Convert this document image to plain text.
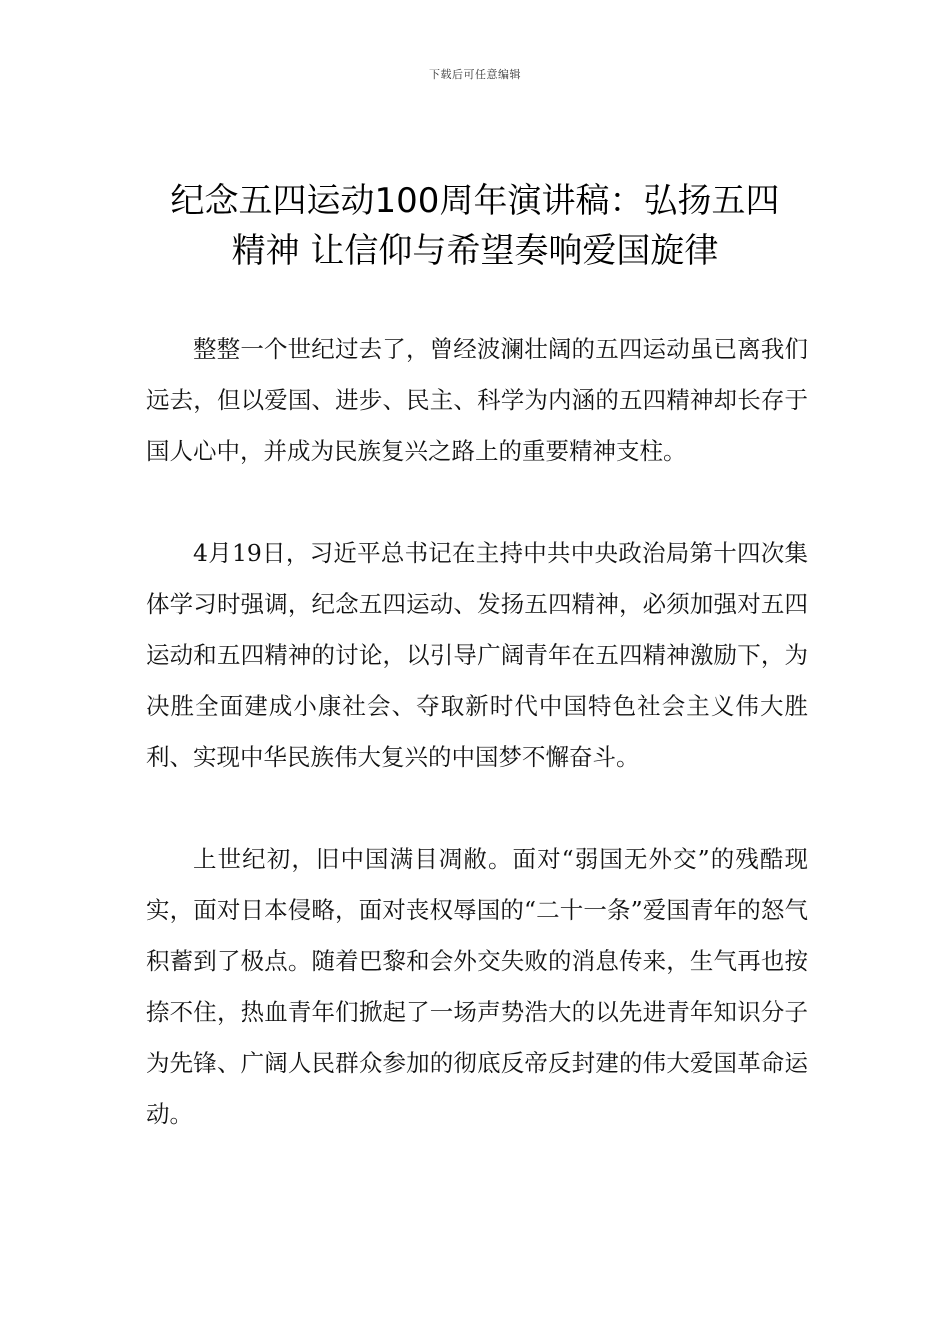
下载后可任意编辑
纪念五四运动100周年演讲稿：弘扬五四
精神 让信仰与希望奏响爱国旋律

整整一个世纪过去了，曾经波澜壮阔的五四运动虽已离我们远去，但以爱国、进步、民主、科学为内涵的五四精神却长存于国人心中，并成为民族复兴之路上的重要精神支柱。

4月19日，习近平总书记在主持中共中央政治局第十四次集体学习时强调，纪念五四运动、发扬五四精神，必须加强对五四运动和五四精神的讨论，以引导广阔青年在五四精神激励下，为决胜全面建成小康社会、夺取新时代中国特色社会主义伟大胜利、实现中华民族伟大复兴的中国梦不懈奋斗。

上世纪初，旧中国满目凋敝。面对“弱国无外交”的残酷现实，面对日本侵略，面对丧权辱国的“二十一条”爱国青年的怒气积蓄到了极点。随着巴黎和会外交失败的消息传来，生气再也按捺不住，热血青年们掀起了一场声势浩大的以先进青年知识分子为先锋、广阔人民群众参加的彻底反帝反封建的伟大爱国革命运动。
